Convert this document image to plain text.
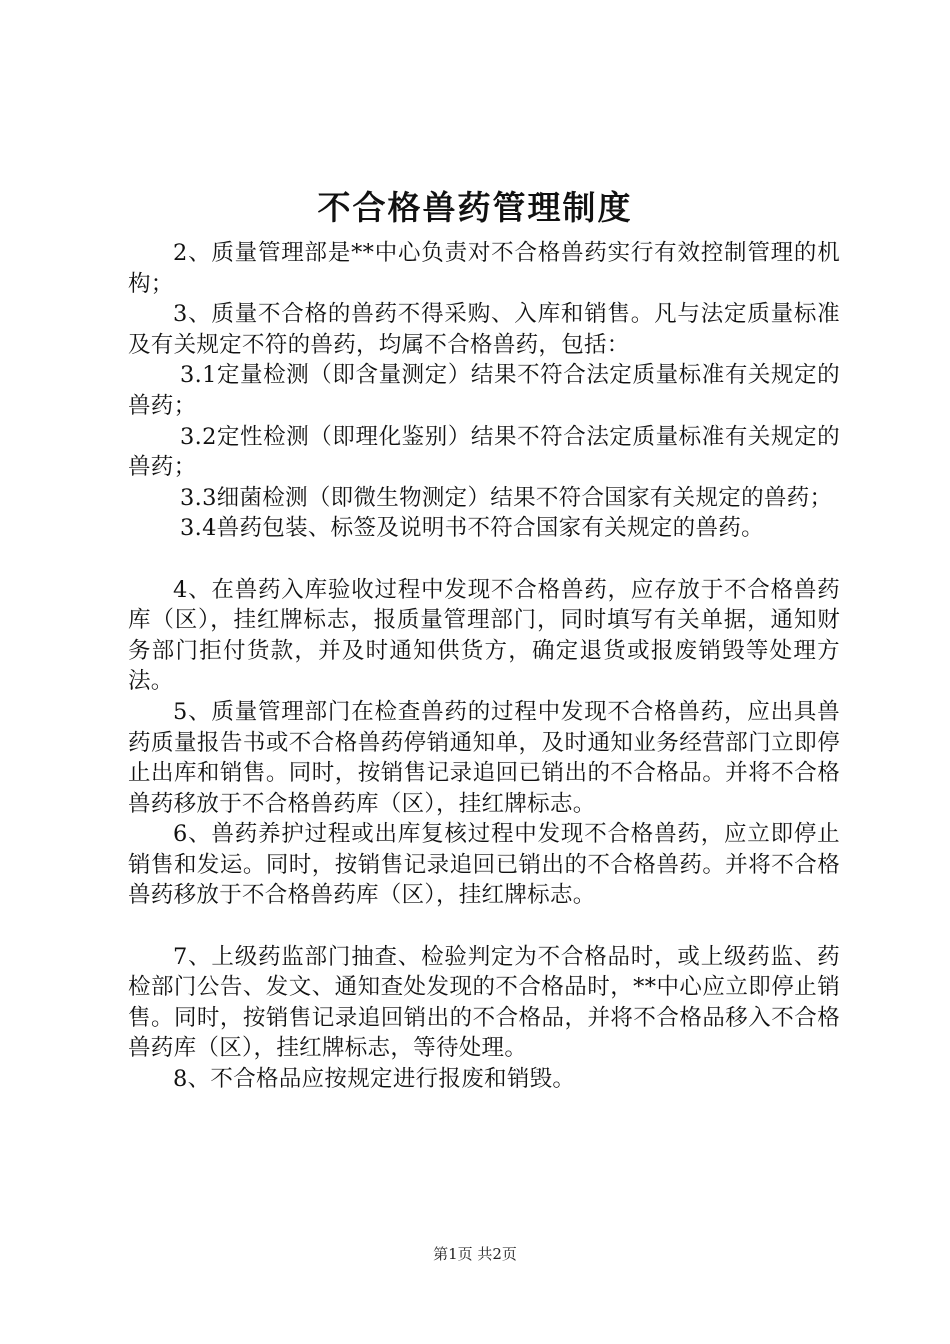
不合格兽药管理制度

2、质量管理部是**中心负责对不合格兽药实行有效控制管理的机构；

3、质量不合格的兽药不得采购、入库和销售。凡与法定质量标准及有关规定不符的兽药，均属不合格兽药，包括：

3.1定量检测（即含量测定）结果不符合法定质量标准有关规定的兽药；

3.2定性检测（即理化鉴别）结果不符合法定质量标准有关规定的兽药；

3.3细菌检测（即微生物测定）结果不符合国家有关规定的兽药；

3.4兽药包装、标签及说明书不符合国家有关规定的兽药。

4、在兽药入库验收过程中发现不合格兽药，应存放于不合格兽药库（区），挂红牌标志，报质量管理部门，同时填写有关单据，通知财务部门拒付货款，并及时通知供货方，确定退货或报废销毁等处理方法。

5、质量管理部门在检查兽药的过程中发现不合格兽药，应出具兽药质量报告书或不合格兽药停销通知单，及时通知业务经营部门立即停止出库和销售。同时，按销售记录追回已销出的不合格品。并将不合格兽药移放于不合格兽药库（区），挂红牌标志。

6、兽药养护过程或出库复核过程中发现不合格兽药，应立即停止销售和发运。同时，按销售记录追回已销出的不合格兽药。并将不合格兽药移放于不合格兽药库（区），挂红牌标志。

7、上级药监部门抽查、检验判定为不合格品时，或上级药监、药检部门公告、发文、通知查处发现的不合格品时，**中心应立即停止销售。同时，按销售记录追回销出的不合格品，并将不合格品移入不合格兽药库（区），挂红牌标志，等待处理。

8、不合格品应按规定进行报废和销毁。

第1页 共2页
